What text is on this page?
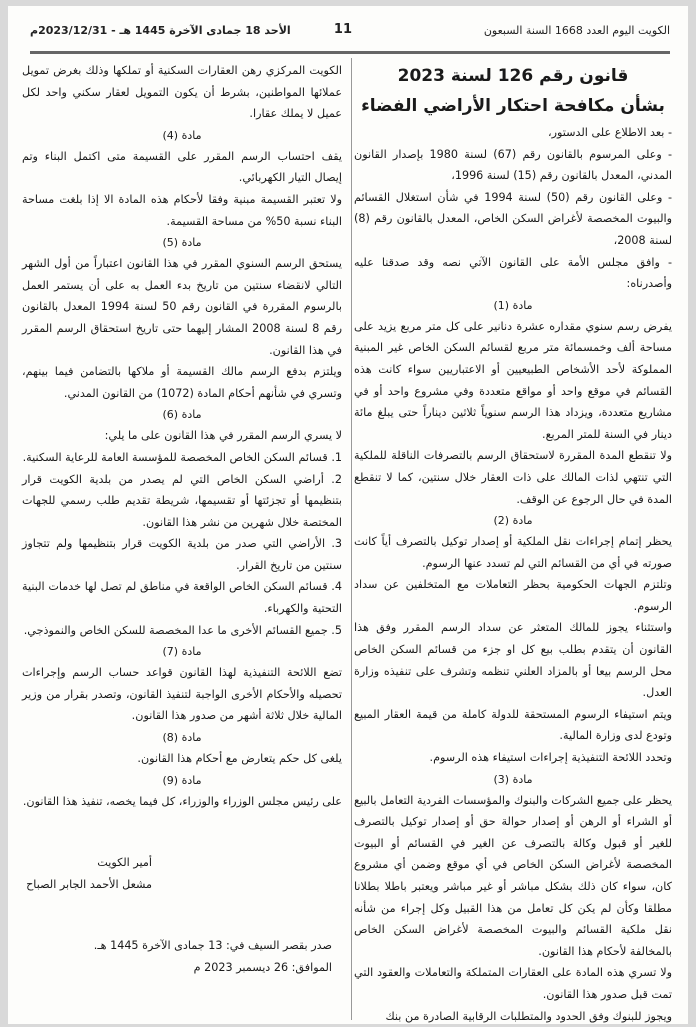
الكويت اليوم العدد 1668 السنة السبعون
11
الأحد 18 جمادى الآخرة 1445 هـ - 2023/12/31م
قانون رقم 126 لسنة 2023
بشأن مكافحة احتكار الأراضي الفضاء

- بعد الاطلاع على الدستور،

- وعلى المرسوم بالقانون رقم (67) لسنة 1980 بإصدار القانون المدني، المعدل بالقانون رقم (15) لسنة 1996،

- وعلى القانون رقم (50) لسنة 1994 في شأن استغلال القسائم والبيوت المخصصة لأغراض السكن الخاص، المعدل بالقانون رقم (8) لسنة 2008،

- وافق مجلس الأمة على القانون الآتي نصه وقد صدقنا عليه وأصدرناه:

مادة (1)

يفرض رسم سنوي مقداره عشرة دنانير على كل متر مربع يزيد على مساحة ألف وخمسمائة متر مربع لقسائم السكن الخاص غير المبنية المملوكة لأحد الأشخاص الطبيعيين أو الاعتباريين سواء كانت هذه القسائم في موقع واحد أو مواقع متعددة وفي مشروع واحد أو في مشاريع متعددة، ويزداد هذا الرسم سنوياً ثلاثين ديناراً حتى يبلغ مائة دينار في السنة للمتر المربع.

ولا تنقطع المدة المقررة لاستحقاق الرسم بالتصرفات الناقلة للملكية التي تنتهي لذات المالك على ذات العقار خلال سنتين، كما لا تنقطع المدة في حال الرجوع عن الوقف.

مادة (2)

يحظر إتمام إجراءات نقل الملكية أو إصدار توكيل بالتصرف أياً كانت صورته في أي من القسائم التي لم تسدد عنها الرسوم.

وتلتزم الجهات الحكومية بحظر التعاملات مع المتخلفين عن سداد الرسوم.

واستثناء يجوز للمالك المتعثر عن سداد الرسم المقرر وفق هذا القانون أن يتقدم بطلب بيع كل او جزء من قسائم السكن الخاص محل الرسم بيعا أو بالمزاد العلني تنظمه وتشرف على تنفيذه وزارة العدل.

ويتم استيفاء الرسوم المستحقة للدولة كاملة من قيمة العقار المبيع وتودع لدى وزارة المالية.

وتحدد اللائحة التنفيذية إجراءات استيفاء هذه الرسوم.

مادة (3)

يحظر على جميع الشركات والبنوك والمؤسسات الفردية التعامل بالبيع أو الشراء أو الرهن أو إصدار حوالة حق أو إصدار توكيل بالتصرف للغير أو قبول وكالة بالتصرف عن الغير في القسائم أو البيوت المخصصة لأغراض السكن الخاص في أي موقع وضمن أي مشروع كان، سواء كان ذلك بشكل مباشر أو غير مباشر ويعتبر باطلا بطلانا مطلقا وكأن لم يكن كل تعامل من هذا القبيل وكل إجراء من شأنه نقل ملكية القسائم والبيوت المخصصة لأغراض السكن الخاص بالمخالفة لأحكام هذا القانون.

ولا تسري هذه المادة على العقارات المتملكة والتعاملات والعقود التي تمت قبل صدور هذا القانون.

ويجوز للبنوك وفق الحدود والمتطلبات الرقابية الصادرة من بنك

الكويت المركزي رهن العقارات السكنية أو تملكها وذلك بغرض تمويل عملائها المواطنين، بشرط أن يكون التمويل لعقار سكني واحد لكل عميل لا يملك عقارا.

مادة (4)

يقف احتساب الرسم المقرر على القسيمة متى اكتمل البناء وتم إيصال التيار الكهربائي.

ولا تعتبر القسيمة مبنية وفقا لأحكام هذه المادة الا إذا بلغت مساحة البناء نسبة 50% من مساحة القسيمة.

مادة (5)

يستحق الرسم السنوي المقرر في هذا القانون اعتباراً من أول الشهر التالي لانقضاء سنتين من تاريخ بدء العمل به على أن يستمر العمل بالرسوم المقررة في القانون رقم 50 لسنة 1994 المعدل بالقانون رقم 8 لسنة 2008 المشار إليهما حتى تاريخ استحقاق الرسم المقرر في هذا القانون.

ويلتزم بدفع الرسم مالك القسيمة أو ملاكها بالتضامن فيما بينهم، وتسري في شأنهم أحكام المادة (1072) من القانون المدني.

مادة (6)

لا يسري الرسم المقرر في هذا القانون على ما يلي:

1. قسائم السكن الخاص المخصصة للمؤسسة العامة للرعاية السكنية.

2. أراضي السكن الخاص التي لم يصدر من بلدية الكويت قرار بتنظيمها أو تجزئتها أو تقسيمها، شريطة تقديم طلب رسمي للجهات المختصة خلال شهرين من نشر هذا القانون.

3. الأراضي التي صدر من بلدية الكويت قرار بتنظيمها ولم تتجاوز سنتين من تاريخ القرار.

4. قسائم السكن الخاص الواقعة في مناطق لم تصل لها خدمات البنية التحتية والكهرباء.

5. جميع القسائم الأخرى ما عدا المخصصة للسكن الخاص والنموذجي.

مادة (7)

تضع اللائحة التنفيذية لهذا القانون قواعد حساب الرسم وإجراءات تحصيله والأحكام الأخرى الواجبة لتنفيذ القانون، وتصدر بقرار من وزير المالية خلال ثلاثة أشهر من صدور هذا القانون.

مادة (8)

يلغى كل حكم يتعارض مع أحكام هذا القانون.

مادة (9)

على رئيس مجلس الوزراء والوزراء، كل فيما يخصه، تنفيذ هذا القانون.

أمير الكويت

مشعل الأحمد الجابر الصباح

صدر بقصر السيف في: 13 جمادى الآخرة 1445 هـ.

الموافق: 26 ديسمبر 2023 م
